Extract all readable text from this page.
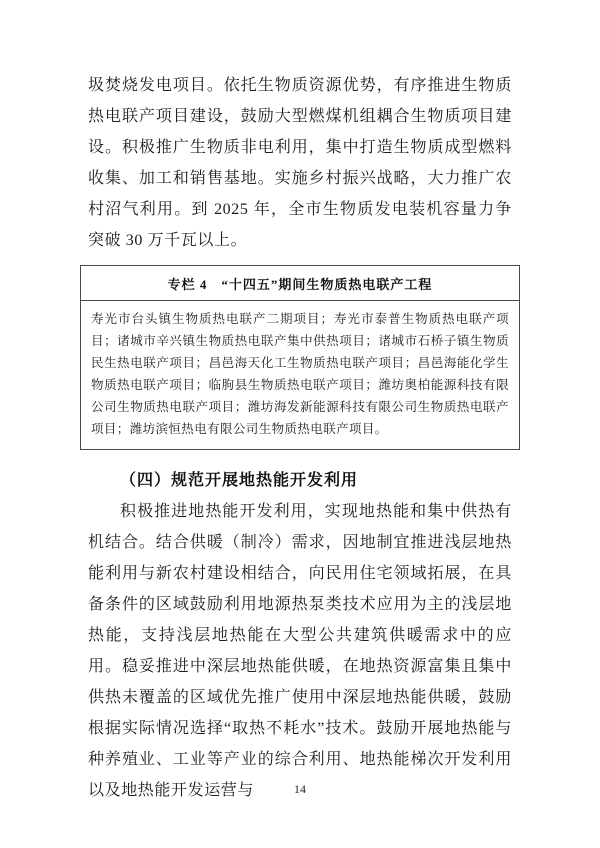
圾焚烧发电项目。依托生物质资源优势，有序推进生物质热电联产项目建设，鼓励大型燃煤机组耦合生物质项目建设。积极推广生物质非电利用，集中打造生物质成型燃料收集、加工和销售基地。实施乡村振兴战略，大力推广农村沼气利用。到 2025 年，全市生物质发电装机容量力争突破 30 万千瓦以上。
专栏 4　“十四五”期间生物质热电联产工程
寿光市台头镇生物质热电联产二期项目；寿光市泰普生物质热电联产项目；诸城市辛兴镇生物质热电联产集中供热项目；诸城市石桥子镇生物质民生热电联产项目；昌邑海天化工生物质热电联产项目；昌邑海能化学生物质热电联产项目；临朐县生物质热电联产项目；潍坊奥柏能源科技有限公司生物质热电联产项目；潍坊海发新能源科技有限公司生物质热电联产项目；潍坊滨恒热电有限公司生物质热电联产项目。
（四）规范开展地热能开发利用
积极推进地热能开发利用，实现地热能和集中供热有机结合。结合供暖（制冷）需求，因地制宜推进浅层地热能利用与新农村建设相结合，向民用住宅领域拓展，在具备条件的区域鼓励利用地源热泵类技术应用为主的浅层地热能，支持浅层地热能在大型公共建筑供暖需求中的应用。稳妥推进中深层地热能供暖，在地热资源富集且集中供热未覆盖的区域优先推广使用中深层地热能供暖，鼓励根据实际情况选择“取热不耗水”技术。鼓励开展地热能与种养殖业、工业等产业的综合利用、地热能梯次开发利用以及地热能开发运营与	14
